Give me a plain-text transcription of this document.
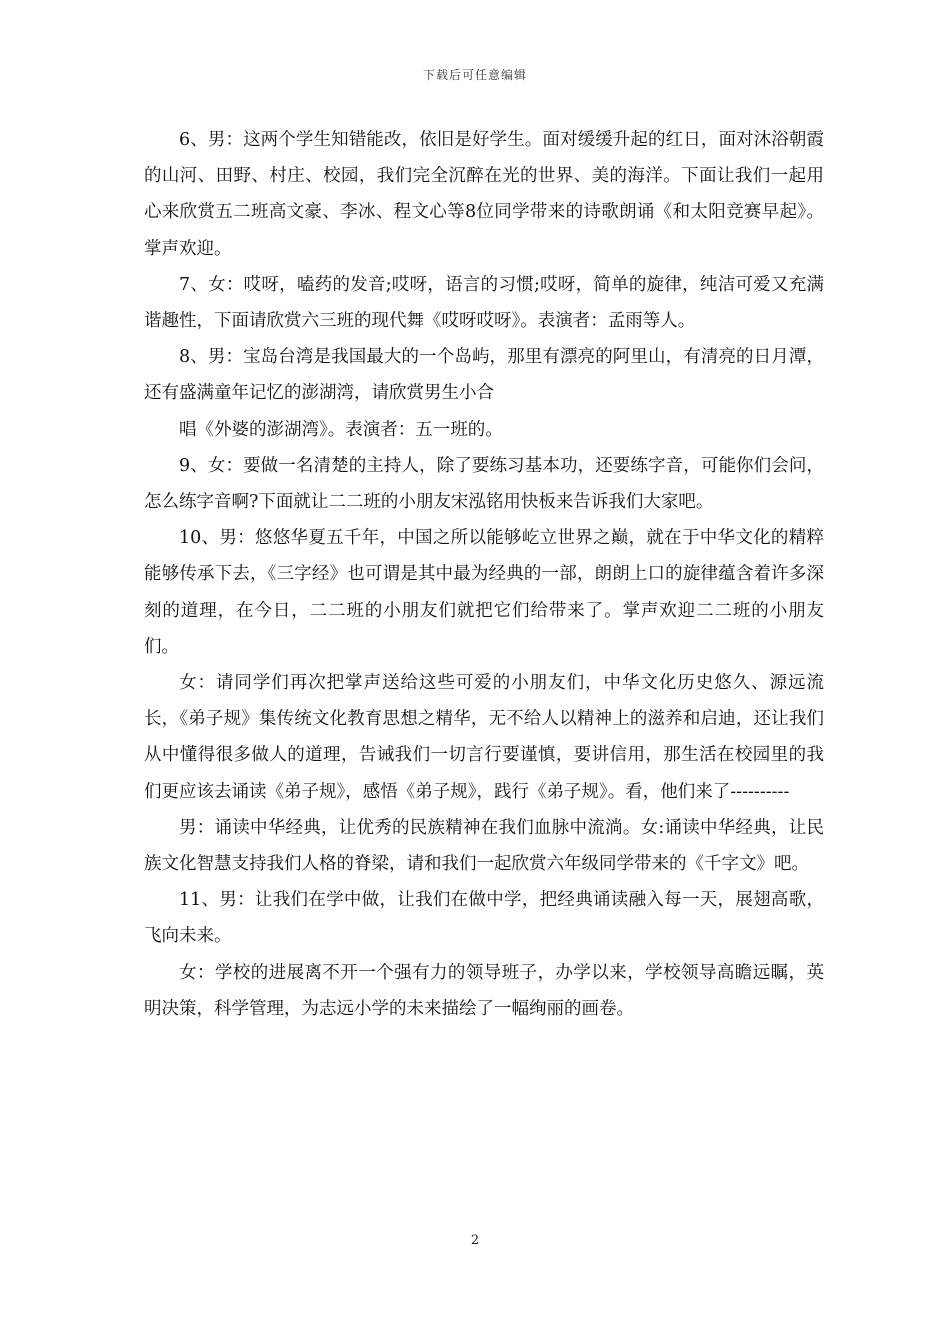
下载后可任意编辑

6、男：这两个学生知错能改，依旧是好学生。面对缓缓升起的红日，面对沐浴朝霞的山河、田野、村庄、校园，我们完全沉醉在光的世界、美的海洋。下面让我们一起用心来欣赏五二班高文豪、李冰、程文心等8位同学带来的诗歌朗诵《和太阳竞赛早起》。掌声欢迎。

7、女：哎呀，嗑药的发音;哎呀，语言的习惯;哎呀，简单的旋律，纯洁可爱又充满谐趣性，下面请欣赏六三班的现代舞《哎呀哎呀》。表演者：孟雨等人。

8、男：宝岛台湾是我国最大的一个岛屿，那里有漂亮的阿里山，有清亮的日月潭，还有盛满童年记忆的澎湖湾，请欣赏男生小合

唱《外婆的澎湖湾》。表演者：五一班的。

9、女：要做一名清楚的主持人，除了要练习基本功，还要练字音，可能你们会问，怎么练字音啊?下面就让二二班的小朋友宋泓铭用快板来告诉我们大家吧。

10、男：悠悠华夏五千年，中国之所以能够屹立世界之巅，就在于中华文化的精粹能够传承下去，《三字经》也可谓是其中最为经典的一部，朗朗上口的旋律蕴含着许多深刻的道理，在今日，二二班的小朋友们就把它们给带来了。掌声欢迎二二班的小朋友们。

女：请同学们再次把掌声送给这些可爱的小朋友们，中华文化历史悠久、源远流长，《弟子规》集传统文化教育思想之精华，无不给人以精神上的滋养和启迪，还让我们从中懂得很多做人的道理，告诫我们一切言行要谨慎，要讲信用，那生活在校园里的我们更应该去诵读《弟子规》，感悟《弟子规》，践行《弟子规》。看，他们来了----------

男：诵读中华经典，让优秀的民族精神在我们血脉中流淌。女:诵读中华经典，让民族文化智慧支持我们人格的脊梁，请和我们一起欣赏六年级同学带来的《千字文》吧。

11、男：让我们在学中做，让我们在做中学，把经典诵读融入每一天，展翅高歌，飞向未来。

女：学校的进展离不开一个强有力的领导班子，办学以来，学校领导高瞻远瞩，英明决策，科学管理，为志远小学的未来描绘了一幅绚丽的画卷。

2
